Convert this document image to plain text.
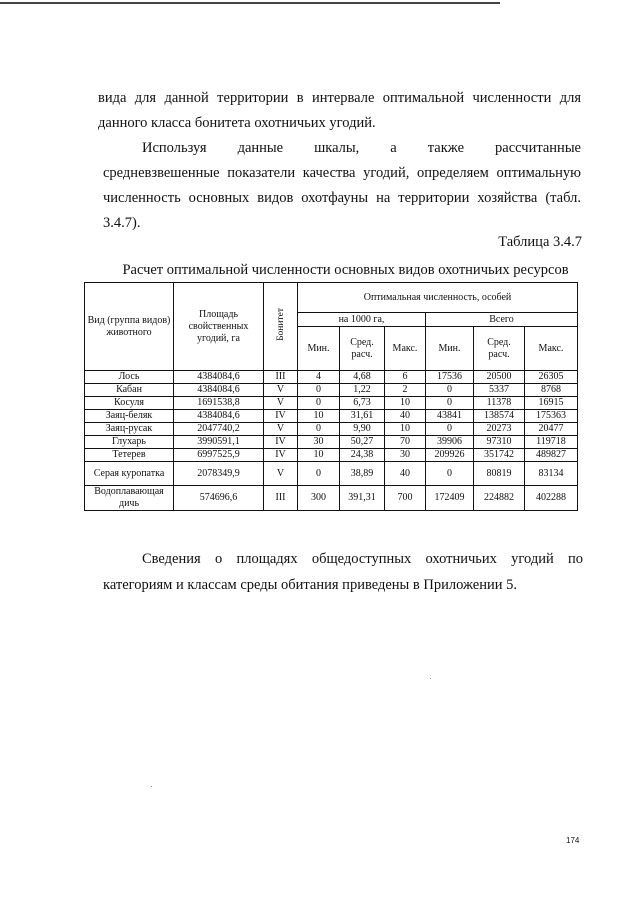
вида для данной территории в интервале оптимальной численности для
данного класса бонитета охотничьих угодий.
Используя данные шкалы, а также рассчитанные
средневзвешенные показатели качества угодий, определяем оптимальную
численность основных видов охотфауны на территории хозяйства (табл.
3.4.7).
Таблица 3.4.7
Расчет оптимальной численности основных видов охотничьих ресурсов
Вид (группа видов) животного	Площадь свойственных угодий, га	Бонитет	Оптимальная численность, особей					
			на 1000 га,			Всего		
			Мин.	Сред. расч.	Макс.	Мин.	Сред. расч.	Макс.
Лось	4384084,6	III	4	4,68	6	17536	20500	26305
Кабан	4384084,6	V	0	1,22	2	0	5337	8768
Косуля	1691538,8	V	0	6,73	10	0	11378	16915
Заяц-беляк	4384084,6	IV	10	31,61	40	43841	138574	175363
Заяц-русак	2047740,2	V	0	9,90	10	0	20273	20477
Глухарь	3990591,1	IV	30	50,27	70	39906	97310	119718
Тетерев	6997525,9	IV	10	24,38	30	209926	351742	489827
Серая куропатка	2078349,9	V	0	38,89	40	0	80819	83134
Водоплавающая дичь	574696,6	III	300	391,31	700	172409	224882	402288
Сведения о площадях общедоступных охотничьих угодий по
категориям и классам среды обитания приведены в Приложении 5.
174
